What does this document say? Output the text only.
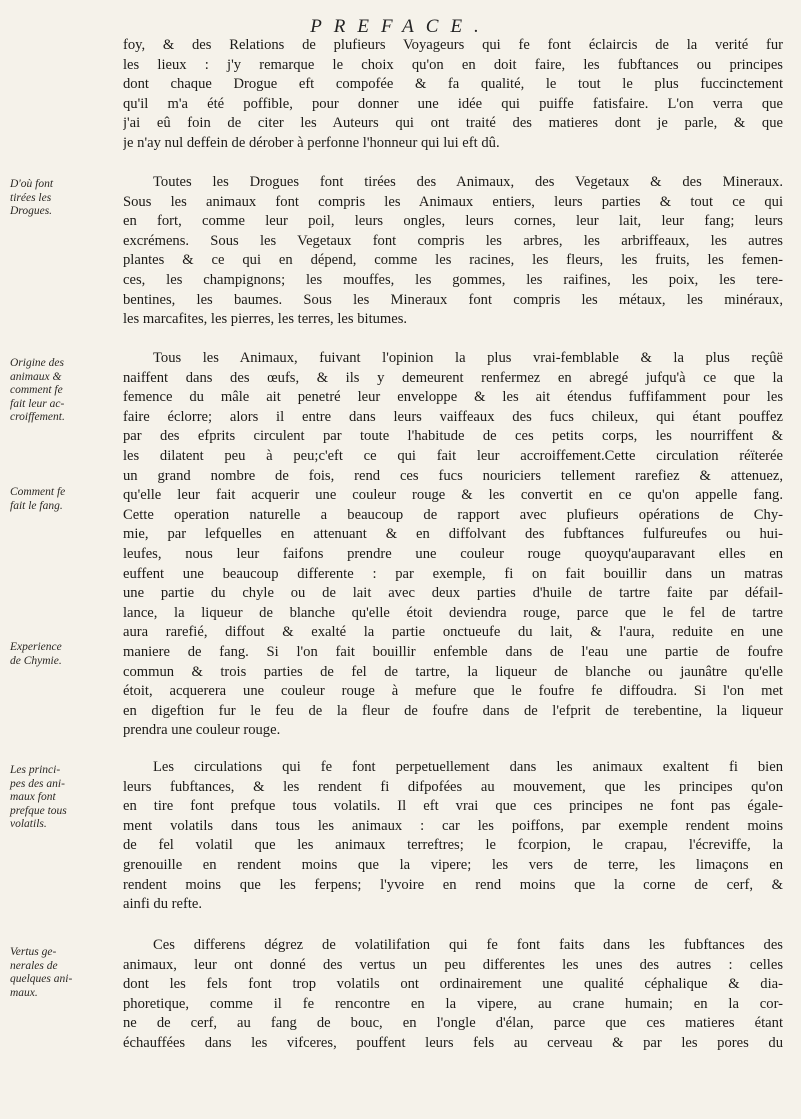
PREFACE.
D'où font
tirées les
Drogues.
Origine des
animaux &
comment fe
fait leur ac-
croiffement.
Comment fe
fait le fang.
Experience
de Chymie.
Les princi-
pes des ani-
maux font
prefque tous
volatils.
Vertus ge-
nerales de
quelques ani-
maux.
foy, & des Relations de plufieurs Voyageurs qui fe font éclaircis de la verité fur
les lieux : j'y remarque le choix qu'on en doit faire, les fubftances ou principes
dont chaque Drogue eft compofée & fa qualité, le tout le plus fuccinctement
qu'il m'a été poffible, pour donner une idée qui puiffe fatisfaire. L'on verra que
j'ai eû foin de citer les Auteurs qui ont traité des matieres dont je parle, & que
je n'ay nul deffein de dérober à perfonne l'honneur qui lui eft dû.
Toutes les Drogues font tirées des Animaux, des Vegetaux & des Mineraux.
Sous les animaux font compris les Animaux entiers, leurs parties & tout ce qui
en fort, comme leur poil, leurs ongles, leurs cornes, leur lait, leur fang; leurs
excrémens. Sous les Vegetaux font compris les arbres, les arbriffeaux, les autres
plantes & ce qui en dépend, comme les racines, les fleurs, les fruits, les femen-
ces, les champignons; les mouffes, les gommes, les raifines, les poix, les tere-
bentines, les baumes. Sous les Mineraux font compris les métaux, les minéraux,
les marcafites, les pierres, les terres, les bitumes.
Tous les Animaux, fuivant l'opinion la plus vrai-femblable & la plus reçûë
naiffent dans des œufs, & ils y demeurent renfermez en abregé jufqu'à ce que la
femence du mâle ait penetré leur enveloppe & les ait étendus fuffifamment pour les
faire éclorre; alors il entre dans leurs vaiffeaux des fucs chileux, qui étant pouffez
par des efprits circulent par toute l'habitude de ces petits corps, les nourriffent &
les dilatent peu à peu;c'eft ce qui fait leur accroiffement.Cette circulation réïterée
un grand nombre de fois, rend ces fucs nouriciers tellement rarefiez & attenuez,
qu'elle leur fait acquerir une couleur rouge & les convertit en ce qu'on appelle fang.
Cette operation naturelle a beaucoup de rapport avec plufieurs opérations de Chy-
mie, par lefquelles en attenuant & en diffolvant des fubftances fulfureufes ou hui-
leufes, nous leur faifons prendre une couleur rouge quoyqu'auparavant elles en
euffent une beaucoup differente : par exemple, fi on fait bouillir dans un matras
une partie du chyle ou de lait avec deux parties d'huile de tartre faite par défail-
lance, la liqueur de blanche qu'elle étoit deviendra rouge, parce que le fel de tartre
aura rarefié, diffout & exalté la partie onctueufe du lait, & l'aura, reduite en une
maniere de fang. Si l'on fait bouillir enfemble dans de l'eau une partie de foufre
commun & trois parties de fel de tartre, la liqueur de blanche ou jaunâtre qu'elle
étoit, acquerera une couleur rouge à mefure que le foufre fe diffoudra. Si l'on met
en digeftion fur le feu de la fleur de foufre dans de l'efprit de terebentine, la liqueur
prendra une couleur rouge.
Les circulations qui fe font perpetuellement dans les animaux exaltent fi bien
leurs fubftances, & les rendent fi difpofées au mouvement, que les principes qu'on
en tire font prefque tous volatils. Il eft vrai que ces principes ne font pas égale-
ment volatils dans tous les animaux : car les poiffons, par exemple rendent moins
de fel volatil que les animaux terreftres; le fcorpion, le crapau, l'écreviffe, la
grenouille en rendent moins que la vipere; les vers de terre, les limaçons en
rendent moins que les ferpens; l'yvoire en rend moins que la corne de cerf, &
ainfi du refte.
Ces differens dégrez de volatilifation qui fe font faits dans les fubftances des
animaux, leur ont donné des vertus un peu differentes les unes des autres : celles
dont les fels font trop volatils ont ordinairement une qualité céphalique & dia-
phoretique, comme il fe rencontre en la vipere, au crane humain; en la cor-
ne de cerf, au fang de bouc, en l'ongle d'élan, parce que ces matieres étant
échauffées dans les vifceres, pouffent leurs fels au cerveau & par les pores du
